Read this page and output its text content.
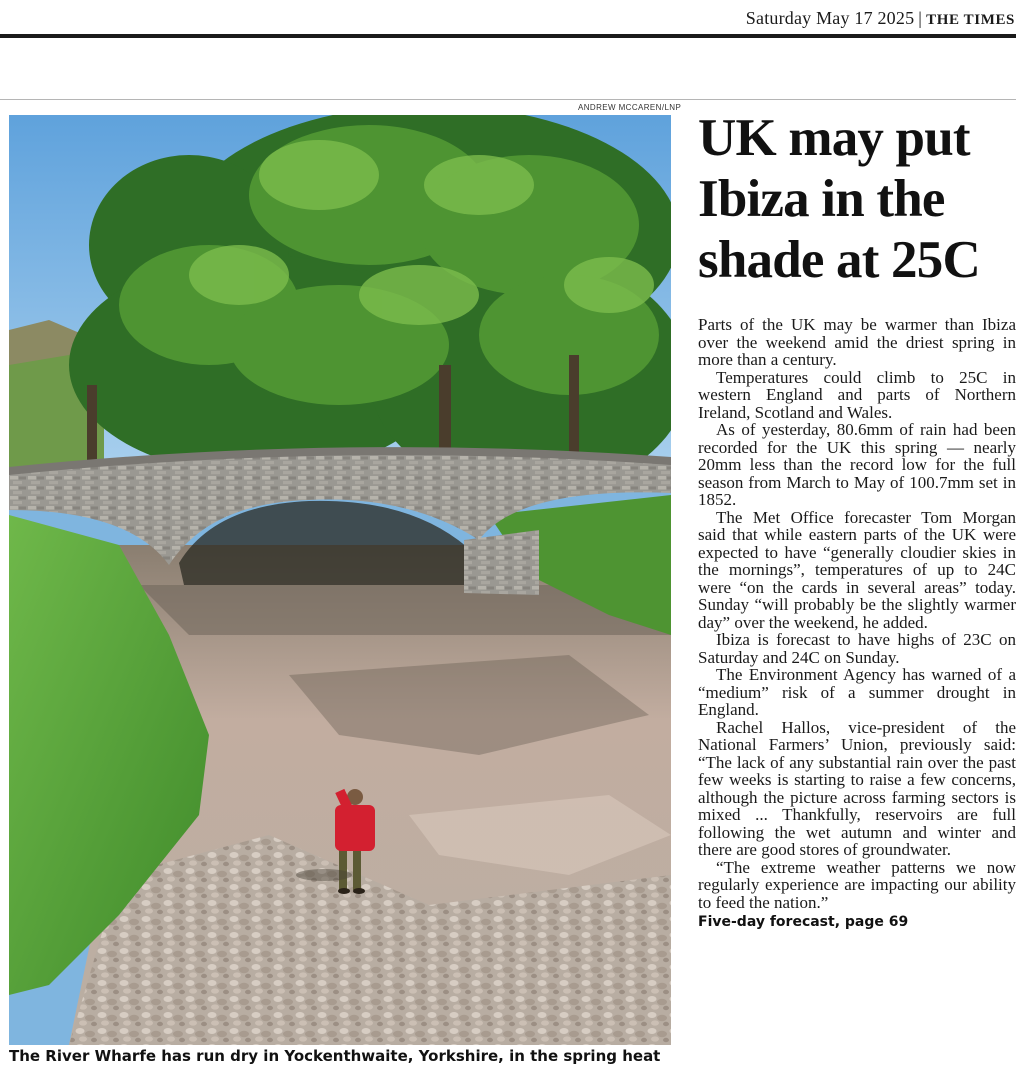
Saturday May 17 2025 | THE TIMES
ANDREW MCCAREN/LNP
The River Wharfe has run dry in Yockenthwaite, Yorkshire, in the spring heat
UK may put Ibiza in the shade at 25C

Parts of the UK may be warmer than Ibiza over the weekend amid the driest spring in more than a century.

Temperatures could climb to 25C in western England and parts of Northern Ireland, Scotland and Wales.

As of yesterday, 80.6mm of rain had been recorded for the UK this spring — nearly 20mm less than the record low for the full season from March to May of 100.7mm set in 1852.

The Met Office forecaster Tom Morgan said that while eastern parts of the UK were expected to have “generally cloudier skies in the mornings”, temperatures of up to 24C were “on the cards in several areas” today. Sunday “will probably be the slightly warmer day” over the weekend, he added.

Ibiza is forecast to have highs of 23C on Saturday and 24C on Sunday.

The Environment Agency has warned of a “medium” risk of a summer drought in England.

Rachel Hallos, vice-president of the National Farmers’ Union, previously said: “The lack of any substantial rain over the past few weeks is starting to raise a few concerns, although the picture across farming sectors is mixed ... Thankfully, reservoirs are full following the wet autumn and winter and there are good stores of groundwater.

“The extreme weather patterns we now regularly experience are impacting our ability to feed the nation.”

Five-day forecast, page 69
